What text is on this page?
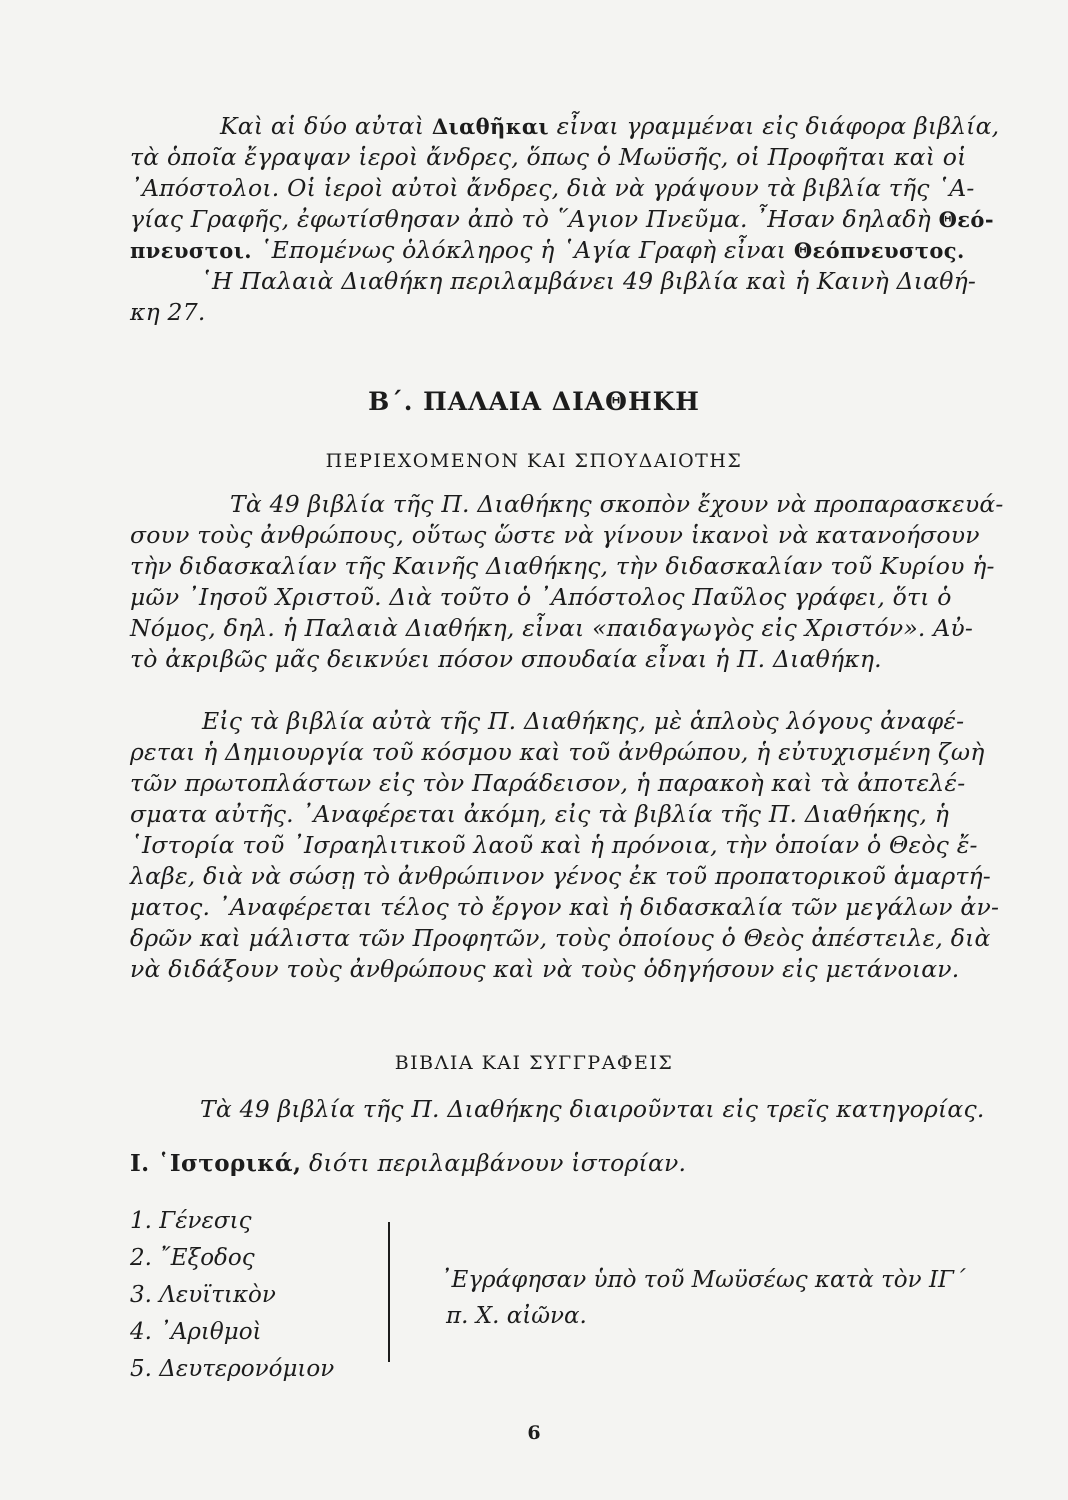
Καὶ αἱ δύο αὐταὶ Διαθῆκαι εἶναι γραμμέναι εἰς διάφορα βιβλία,
τὰ ὁποῖα ἔγραψαν ἱεροὶ ἄνδρες, ὅπως ὁ Μωϋσῆς, οἱ Προφῆται καὶ οἱ
᾿Απόστολοι. Οἱ ἱεροὶ αὐτοὶ ἄνδρες, διὰ νὰ γράψουν τὰ βιβλία τῆς ῾Α-
γίας Γραφῆς, ἐφωτίσθησαν ἀπὸ τὸ ῞Αγιον Πνεῦμα. ῏Ησαν δηλαδὴ Θεό-
πνευστοι. ῾Επομένως ὁλόκληρος ἡ ῾Αγία Γραφὴ εἶναι Θεόπνευστος.
῾Η Παλαιὰ Διαθήκη περιλαμβάνει 49 βιβλία καὶ ἡ Καινὴ Διαθή-
κη 27.
Β΄. ΠΑΛΑΙΑ ΔΙΑΘΗΚΗ
ΠΕΡΙΕΧΟΜΕΝΟΝ ΚΑΙ ΣΠΟΥΔΑΙΟΤΗΣ
Τὰ 49 βιβλία τῆς Π. Διαθήκης σκοπὸν ἔχουν νὰ προπαρασκευά-
σουν τοὺς ἀνθρώπους, οὕτως ὥστε νὰ γίνουν ἱκανοὶ νὰ κατανοήσουν
τὴν διδασκαλίαν τῆς Καινῆς Διαθήκης, τὴν διδασκαλίαν τοῦ Κυρίου ἡ-
μῶν ᾿Ιησοῦ Χριστοῦ. Διὰ τοῦτο ὁ ᾿Απόστολος Παῦλος γράφει, ὅτι ὁ
Νόμος, δηλ. ἡ Παλαιὰ Διαθήκη, εἶναι «παιδαγωγὸς εἰς Χριστόν». Αὐ-
τὸ ἀκριβῶς μᾶς δεικνύει πόσον σπουδαία εἶναι ἡ Π. Διαθήκη.
Εἰς τὰ βιβλία αὐτὰ τῆς Π. Διαθήκης, μὲ ἁπλοὺς λόγους ἀναφέ-
ρεται ἡ Δημιουργία τοῦ κόσμου καὶ τοῦ ἀνθρώπου, ἡ εὐτυχισμένη ζωὴ
τῶν πρωτοπλάστων εἰς τὸν Παράδεισον, ἡ παρακοὴ καὶ τὰ ἀποτελέ-
σματα αὐτῆς. ᾿Αναφέρεται ἀκόμη, εἰς τὰ βιβλία τῆς Π. Διαθήκης, ἡ
῾Ιστορία τοῦ ᾿Ισραηλιτικοῦ λαοῦ καὶ ἡ πρόνοια, τὴν ὁποίαν ὁ Θεὸς ἔ-
λαβε, διὰ νὰ σώσῃ τὸ ἀνθρώπινον γένος ἐκ τοῦ προπατορικοῦ ἁμαρτή-
ματος. ᾿Αναφέρεται τέλος τὸ ἔργον καὶ ἡ διδασκαλία τῶν μεγάλων ἀν-
δρῶν καὶ μάλιστα τῶν Προφητῶν, τοὺς ὁποίους ὁ Θεὸς ἀπέστειλε, διὰ
νὰ διδάξουν τοὺς ἀνθρώπους καὶ νὰ τοὺς ὁδηγήσουν εἰς μετάνοιαν.
ΒΙΒΛΙΑ ΚΑΙ ΣΥΓΓΡΑΦΕΙΣ
Τὰ 49 βιβλία τῆς Π. Διαθήκης διαιροῦνται εἰς τρεῖς κατηγορίας.
Ι. ῾Ιστορικά, διότι περιλαμβάνουν ἱστορίαν.
1. Γένεσις
2. ῎Εξοδος
3. Λευϊτικὸν
4. ᾿Αριθμοὶ
5. Δευτερονόμιον
᾿Εγράφησαν ὑπὸ τοῦ Μωϋσέως κατὰ τὸν ΙΓ΄
π. Χ. αἰῶνα.
6
